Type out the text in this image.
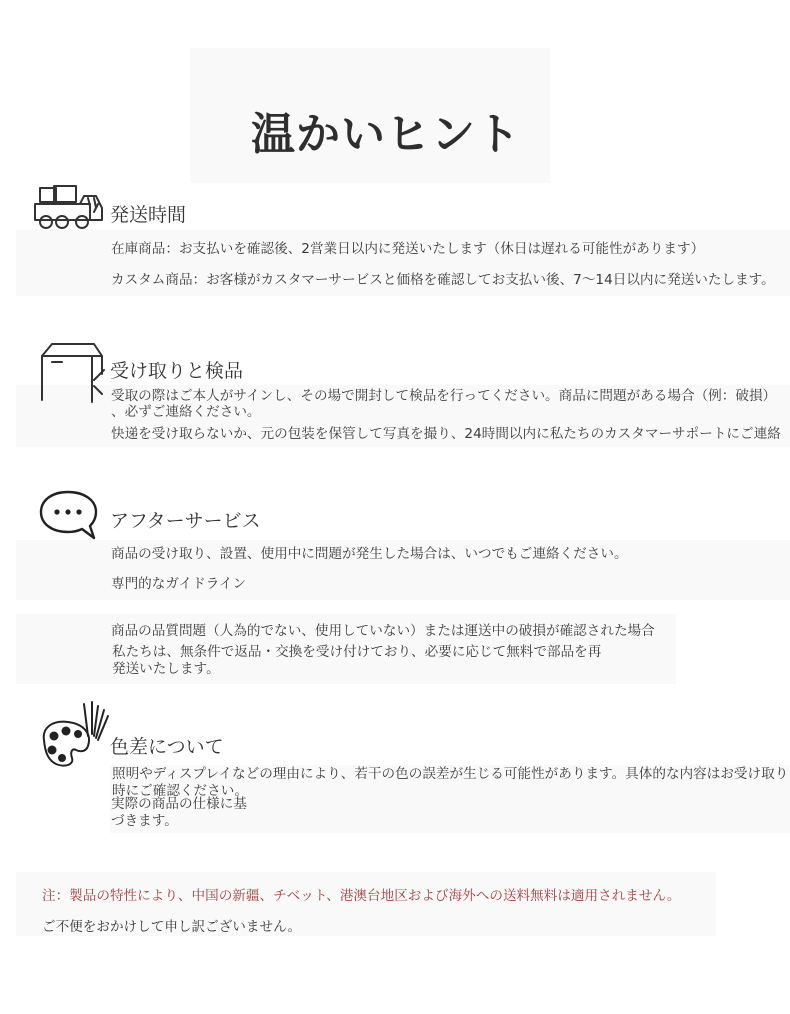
温かいヒント
発送時間
在庫商品：お支払いを確認後、2営業日以内に発送いたします（休日は遅れる可能性があります）
カスタム商品：お客様がカスタマーサービスと価格を確認してお支払い後、7〜14日以内に発送いたします。
受け取りと検品
受取の際はご本人がサインし、その場で開封して検品を行ってください。商品に問題がある場合（例：破損）
、必ずご連絡ください。
快递を受け取らないか、元の包装を保管して写真を撮り、24時間以内に私たちのカスタマーサポートにご連絡
アフターサービス
商品の受け取り、設置、使用中に問題が発生した場合は、いつでもご連絡ください。
専門的なガイドライン
商品の品質問題（人為的でない、使用していない）または運送中の破損が確認された場合
私たちは、無条件で返品・交換を受け付けており、必要に応じて無料で部品を再
発送いたします。
色差について
照明やディスプレイなどの理由により、若干の色の誤差が生じる可能性があります。具体的な内容はお受け取り
時にご確認ください。
実際の商品の仕様に基
づきます。
注：製品の特性により、中国の新疆、チベット、港澳台地区および海外への送料無料は適用されません。
ご不便をおかけして申し訳ございません。
